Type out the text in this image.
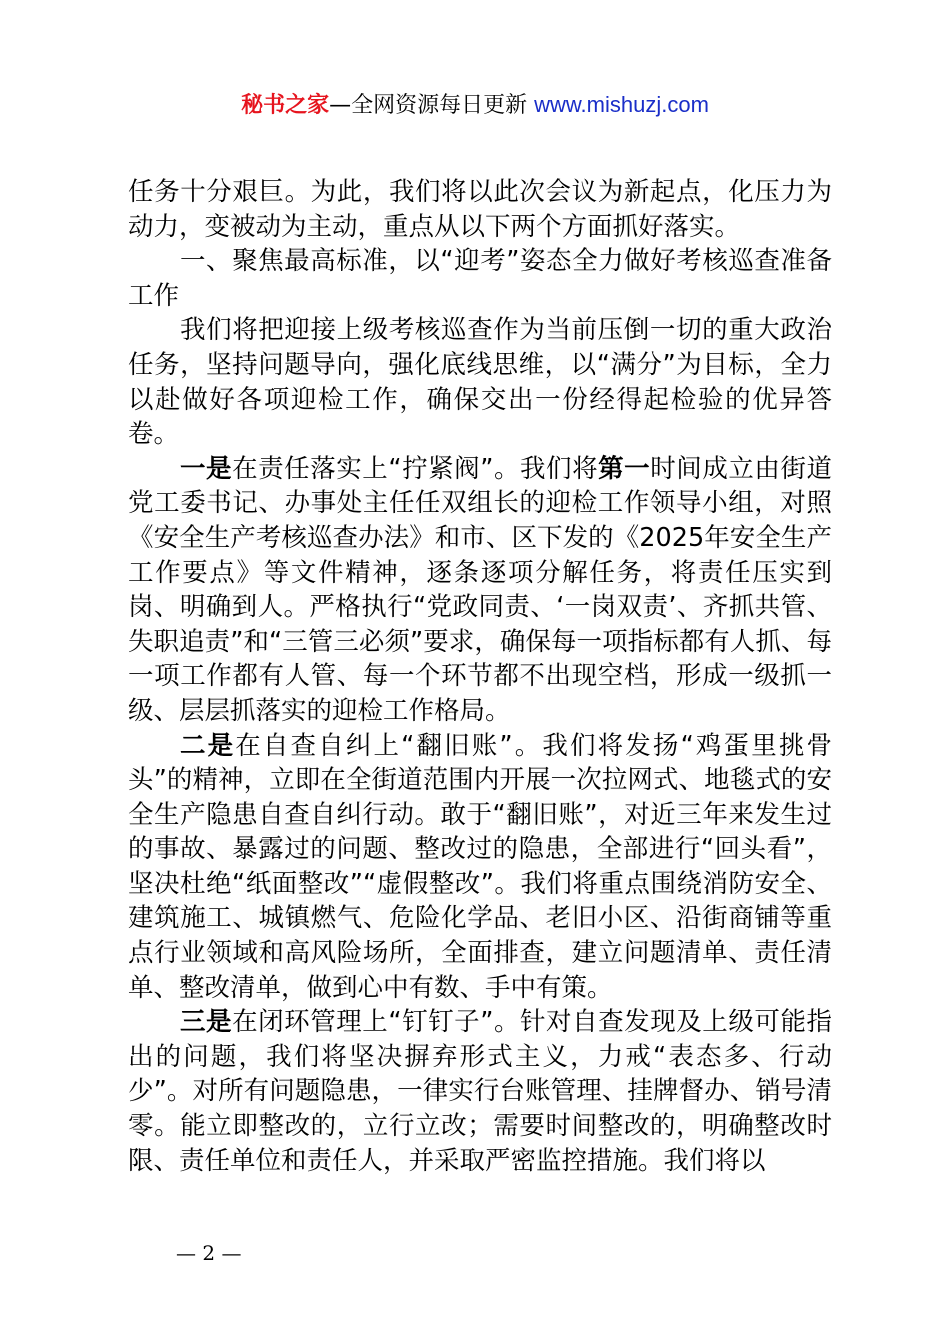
秘书之家—全网资源每日更新 www.mishuzj.com

任务十分艰巨。为此，我们将以此次会议为新起点，化压力为动力，变被动为主动，重点从以下两个方面抓好落实。

一、聚焦最高标准，以“迎考”姿态全力做好考核巡查准备工作

我们将把迎接上级考核巡查作为当前压倒一切的重大政治任务，坚持问题导向，强化底线思维，以“满分”为目标，全力以赴做好各项迎检工作，确保交出一份经得起检验的优异答卷。

一是在责任落实上“拧紧阀”。我们将第一时间成立由街道党工委书记、办事处主任任双组长的迎检工作领导小组，对照《安全生产考核巡查办法》和市、区下发的《2025年安全生产工作要点》等文件精神，逐条逐项分解任务，将责任压实到岗、明确到人。严格执行“党政同责、‘一岗双责’、齐抓共管、失职追责”和“三管三必须”要求，确保每一项指标都有人抓、每一项工作都有人管、每一个环节都不出现空档，形成一级抓一级、层层抓落实的迎检工作格局。

二是在自查自纠上“翻旧账”。我们将发扬“鸡蛋里挑骨头”的精神，立即在全街道范围内开展一次拉网式、地毯式的安全生产隐患自查自纠行动。敢于“翻旧账”，对近三年来发生过的事故、暴露过的问题、整改过的隐患，全部进行“回头看”，坚决杜绝“纸面整改”“虚假整改”。我们将重点围绕消防安全、建筑施工、城镇燃气、危险化学品、老旧小区、沿街商铺等重点行业领域和高风险场所，全面排查，建立问题清单、责任清单、整改清单，做到心中有数、手中有策。

三是在闭环管理上“钉钉子”。针对自查发现及上级可能指出的问题，我们将坚决摒弃形式主义，力戒“表态多、行动少”。对所有问题隐患，一律实行台账管理、挂牌督办、销号清零。能立即整改的，立行立改；需要时间整改的，明确整改时限、责任单位和责任人，并采取严密监控措施。我们将以

— 2 —
